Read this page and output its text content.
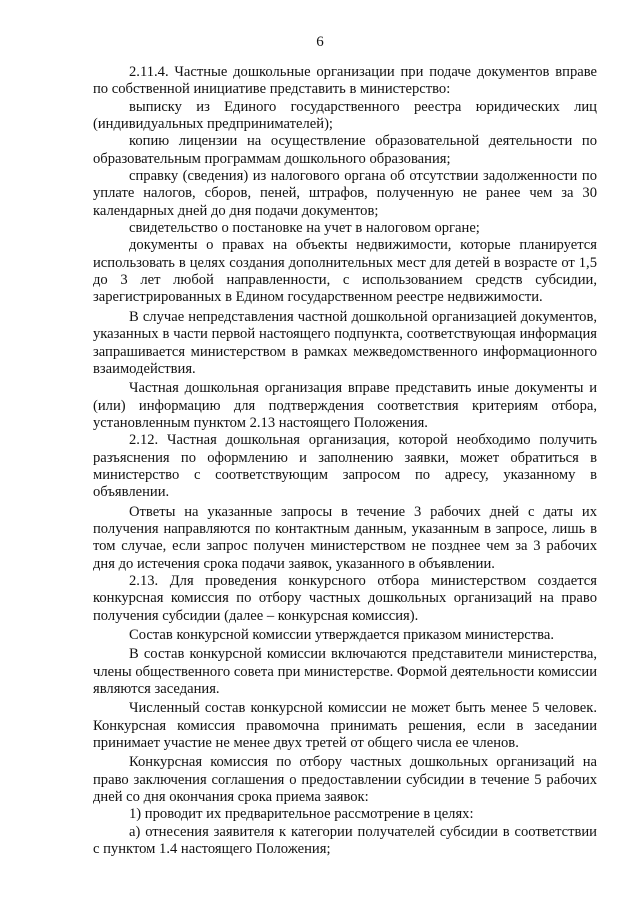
6

2.11.4. Частные дошкольные организации при подаче документов вправе по собственной инициативе представить в министерство:

выписку из Единого государственного реестра юридических лиц (индивидуальных предпринимателей);

копию лицензии на осуществление образовательной деятельности по образовательным программам дошкольного образования;

справку (сведения) из налогового органа об отсутствии задолженности по уплате налогов, сборов, пеней, штрафов, полученную не ранее чем за 30 календарных дней до дня подачи документов;

свидетельство о постановке на учет в налоговом органе;

документы о правах на объекты недвижимости, которые планируется использовать в целях создания дополнительных мест для детей в возрасте от 1,5 до 3 лет любой направленности, с использованием средств субсидии, зарегистрированных в Едином государственном реестре недвижимости.

В случае непредставления частной дошкольной организацией документов, указанных в части первой настоящего подпункта, соответствующая информация запрашивается министерством в рамках межведомственного информационного взаимодействия.

Частная дошкольная организация вправе представить иные документы и (или) информацию для подтверждения соответствия критериям отбора, установленным пунктом 2.13 настоящего Положения.

2.12. Частная дошкольная организация, которой необходимо получить разъяснения по оформлению и заполнению заявки, может обратиться в министерство с соответствующим запросом по адресу, указанному в объявлении.

Ответы на указанные запросы в течение 3 рабочих дней с даты их получения направляются по контактным данным, указанным в запросе, лишь в том случае, если запрос получен министерством не позднее чем за 3 рабочих дня до истечения срока подачи заявок, указанного в объявлении.

2.13. Для проведения конкурсного отбора министерством создается конкурсная комиссия по отбору частных дошкольных организаций на право получения субсидии (далее – конкурсная комиссия).

Состав конкурсной комиссии утверждается приказом министерства.

В состав конкурсной комиссии включаются представители министерства, члены общественного совета при министерстве. Формой деятельности комиссии являются заседания.

Численный состав конкурсной комиссии не может быть менее 5 человек. Конкурсная комиссия правомочна принимать решения, если в заседании принимает участие не менее двух третей от общего числа ее членов.

Конкурсная комиссия по отбору частных дошкольных организаций на право заключения соглашения о предоставлении субсидии в течение 5 рабочих дней со дня окончания срока приема заявок:

1) проводит их предварительное рассмотрение в целях:

а) отнесения заявителя к категории получателей субсидии в соответствии с пунктом 1.4 настоящего Положения;
